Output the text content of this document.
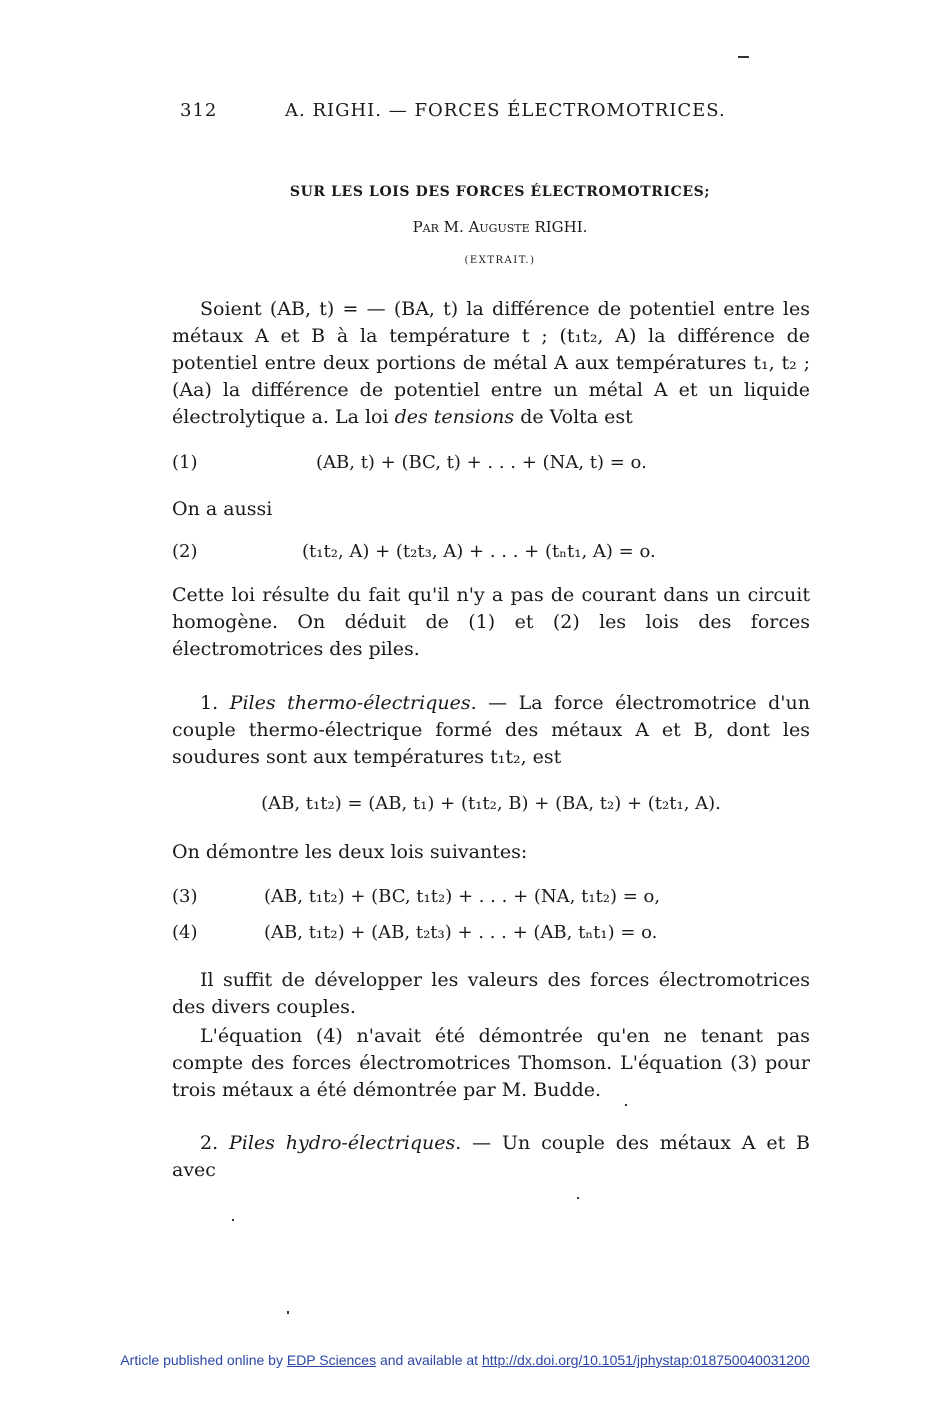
312	A. RIGHI. — FORCES ÉLECTROMOTRICES.
SUR LES LOIS DES FORCES ÉLECTROMOTRICES;
Par M. Auguste RIGHI.
(EXTRAIT.)
Soient (AB, t) = — (BA, t) la différence de potentiel entre les métaux A et B à la température t ; (t₁t₂, A) la différence de potentiel entre deux portions de métal A aux températures t₁, t₂ ; (Aa) la différence de potentiel entre un métal A et un liquide électrolytique a. La loi des tensions de Volta est
(1)	(AB, t) + (BC, t) + . . . + (NA, t) = o.
On a aussi
(2)	(t₁t₂, A) + (t₂t₃, A) + . . . + (tₙt₁, A) = o.
Cette loi résulte du fait qu'il n'y a pas de courant dans un circuit homogène. On déduit de (1) et (2) les lois des forces électromotrices des piles.
1. Piles thermo-électriques. — La force électromotrice d'un couple thermo-électrique formé des métaux A et B, dont les soudures sont aux températures t₁t₂, est
(AB, t₁t₂) = (AB, t₁) + (t₁t₂, B) + (BA, t₂) + (t₂t₁, A).
On démontre les deux lois suivantes:
(3)	(AB, t₁t₂) + (BC, t₁t₂) + . . . + (NA, t₁t₂) = o,
(4)	(AB, t₁t₂) + (AB, t₂t₃) + . . . + (AB, tₙt₁) = o.
Il suffit de développer les valeurs des forces électromotrices des divers couples.
L'équation (4) n'avait été démontrée qu'en ne tenant pas compte des forces électromotrices Thomson. L'équation (3) pour trois métaux a été démontrée par M. Budde.
2. Piles hydro-électriques. — Un couple des métaux A et B avec
Article published online by EDP Sciences and available at http://dx.doi.org/10.1051/jphystap:018750040031200
